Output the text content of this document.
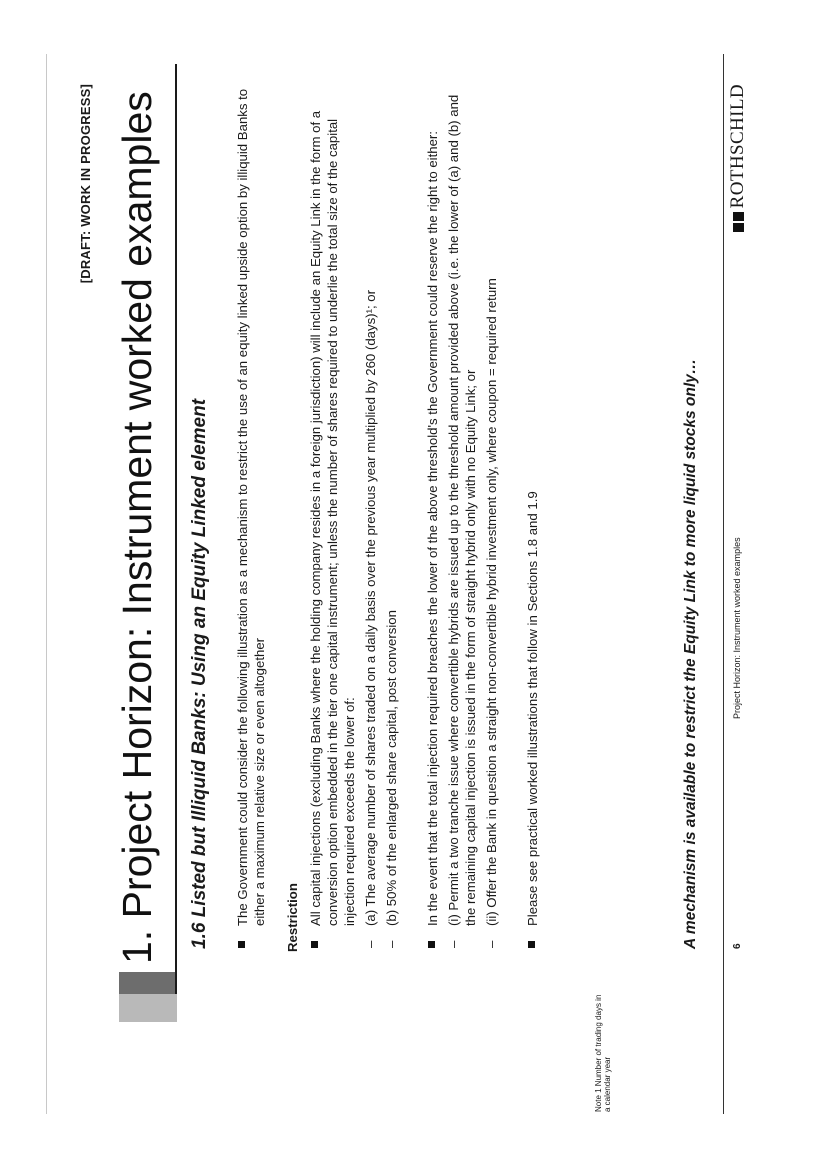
[DRAFT: WORK IN PROGRESS] 1. Project Horizon: Instrument worked examples 1.6 Listed but Illiquid Banks: Using an Equity Linked element The Government could consider the following illustration as a mechanism to restrict the use of an equity linked upside option by illiquid Banks to either a maximum relative size or even altogether Restriction All capital injections (excluding Banks where the holding company resides in a foreign jurisdiction) will include an Equity Link in the form of a conversion option embedded in the tier one capital instrument; unless the number of shares required to underlie the total size of the capital injection required exceeds the lower of:
–
(a) The average number of shares traded on a daily basis over the previous year multiplied by 260 (days)¹; or
–
(b) 50% of the enlarged share capital, post conversion In the event that the total injection required breaches the lower of the above threshold's the Government could reserve the right to either:
–
(i) Permit a two tranche issue where convertible hybrids are issued up to the threshold amount provided above (i.e. the lower of (a) and (b) and the remaining capital injection is issued in the form of straight hybrid only with no Equity Link; or
–
(ii) Offer the Bank in question a straight non-convertible hybrid investment only, where coupon = required return Please see practical worked illustrations that follow in Sections 1.8 and 1.9
Note 1 Number of trading days in a calendar year
A mechanism is available to restrict the Equity Link to more liquid stocks only…	6
Project Horizon: Instrument worked examples
ROTHSCHILD
